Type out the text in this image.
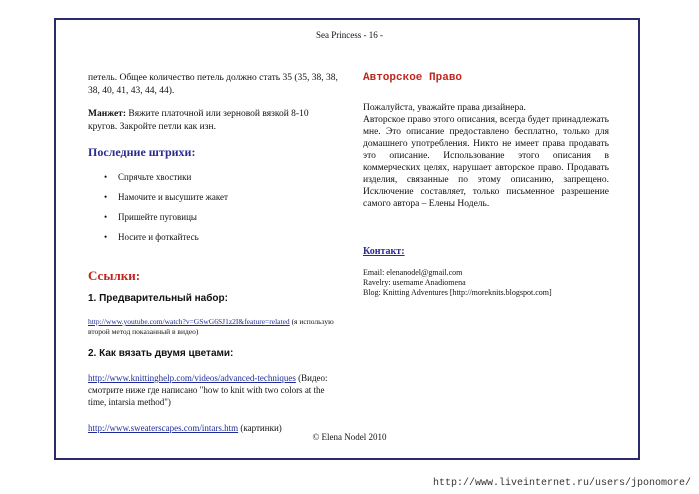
Sea Princess - 16 -

петель. Общее количество петель должно стать 35 (35, 38, 38, 38, 40, 41, 43, 44, 44).

Манжет: Вяжите платочной или зерновой вязкой 8-10 кругов. Закройте петли как изн.

Последние штрихи:
• Спрячьте хвостики
• Намочите и высушите жакет
• Пришейте пуговицы
• Носите и фоткайтесь
Ссылки:
1. Предварительный набор:

http://www.youtube.com/watch?v=GSwG6SJ1z2I&feature=related (я использую второй метод показанный в видео)

2. Как вязать двумя цветами:

http://www.knittinghelp.com/videos/advanced-techniques (Видео: смотрите ниже где написано "how to knit with two colors at the time, intarsia method")

http://www.sweaterscapes.com/intars.htm (картинки)

Авторское Право

Пожалуйста, уважайте права дизайнера.

Авторское право этого описания, всегда будет принадлежать мне. Это описание предоставлено бесплатно, только для домашнего употребления. Никто не имеет права продавать это описание. Использование этого описания в коммерческих целях, нарушает авторское право. Продавать изделия, связанные по этому описанию, запрещено. Исключение составляет, только письменное разрешение самого автора – Елены Нодель.

Контакт:
Email: elenanodel@gmail.com
Ravelry: username Anadiomena
Blog: Knitting Adventures [http://moreknits.blogspot.com]
© Elena Nodel 2010
http://www.liveinternet.ru/users/jponomore/
